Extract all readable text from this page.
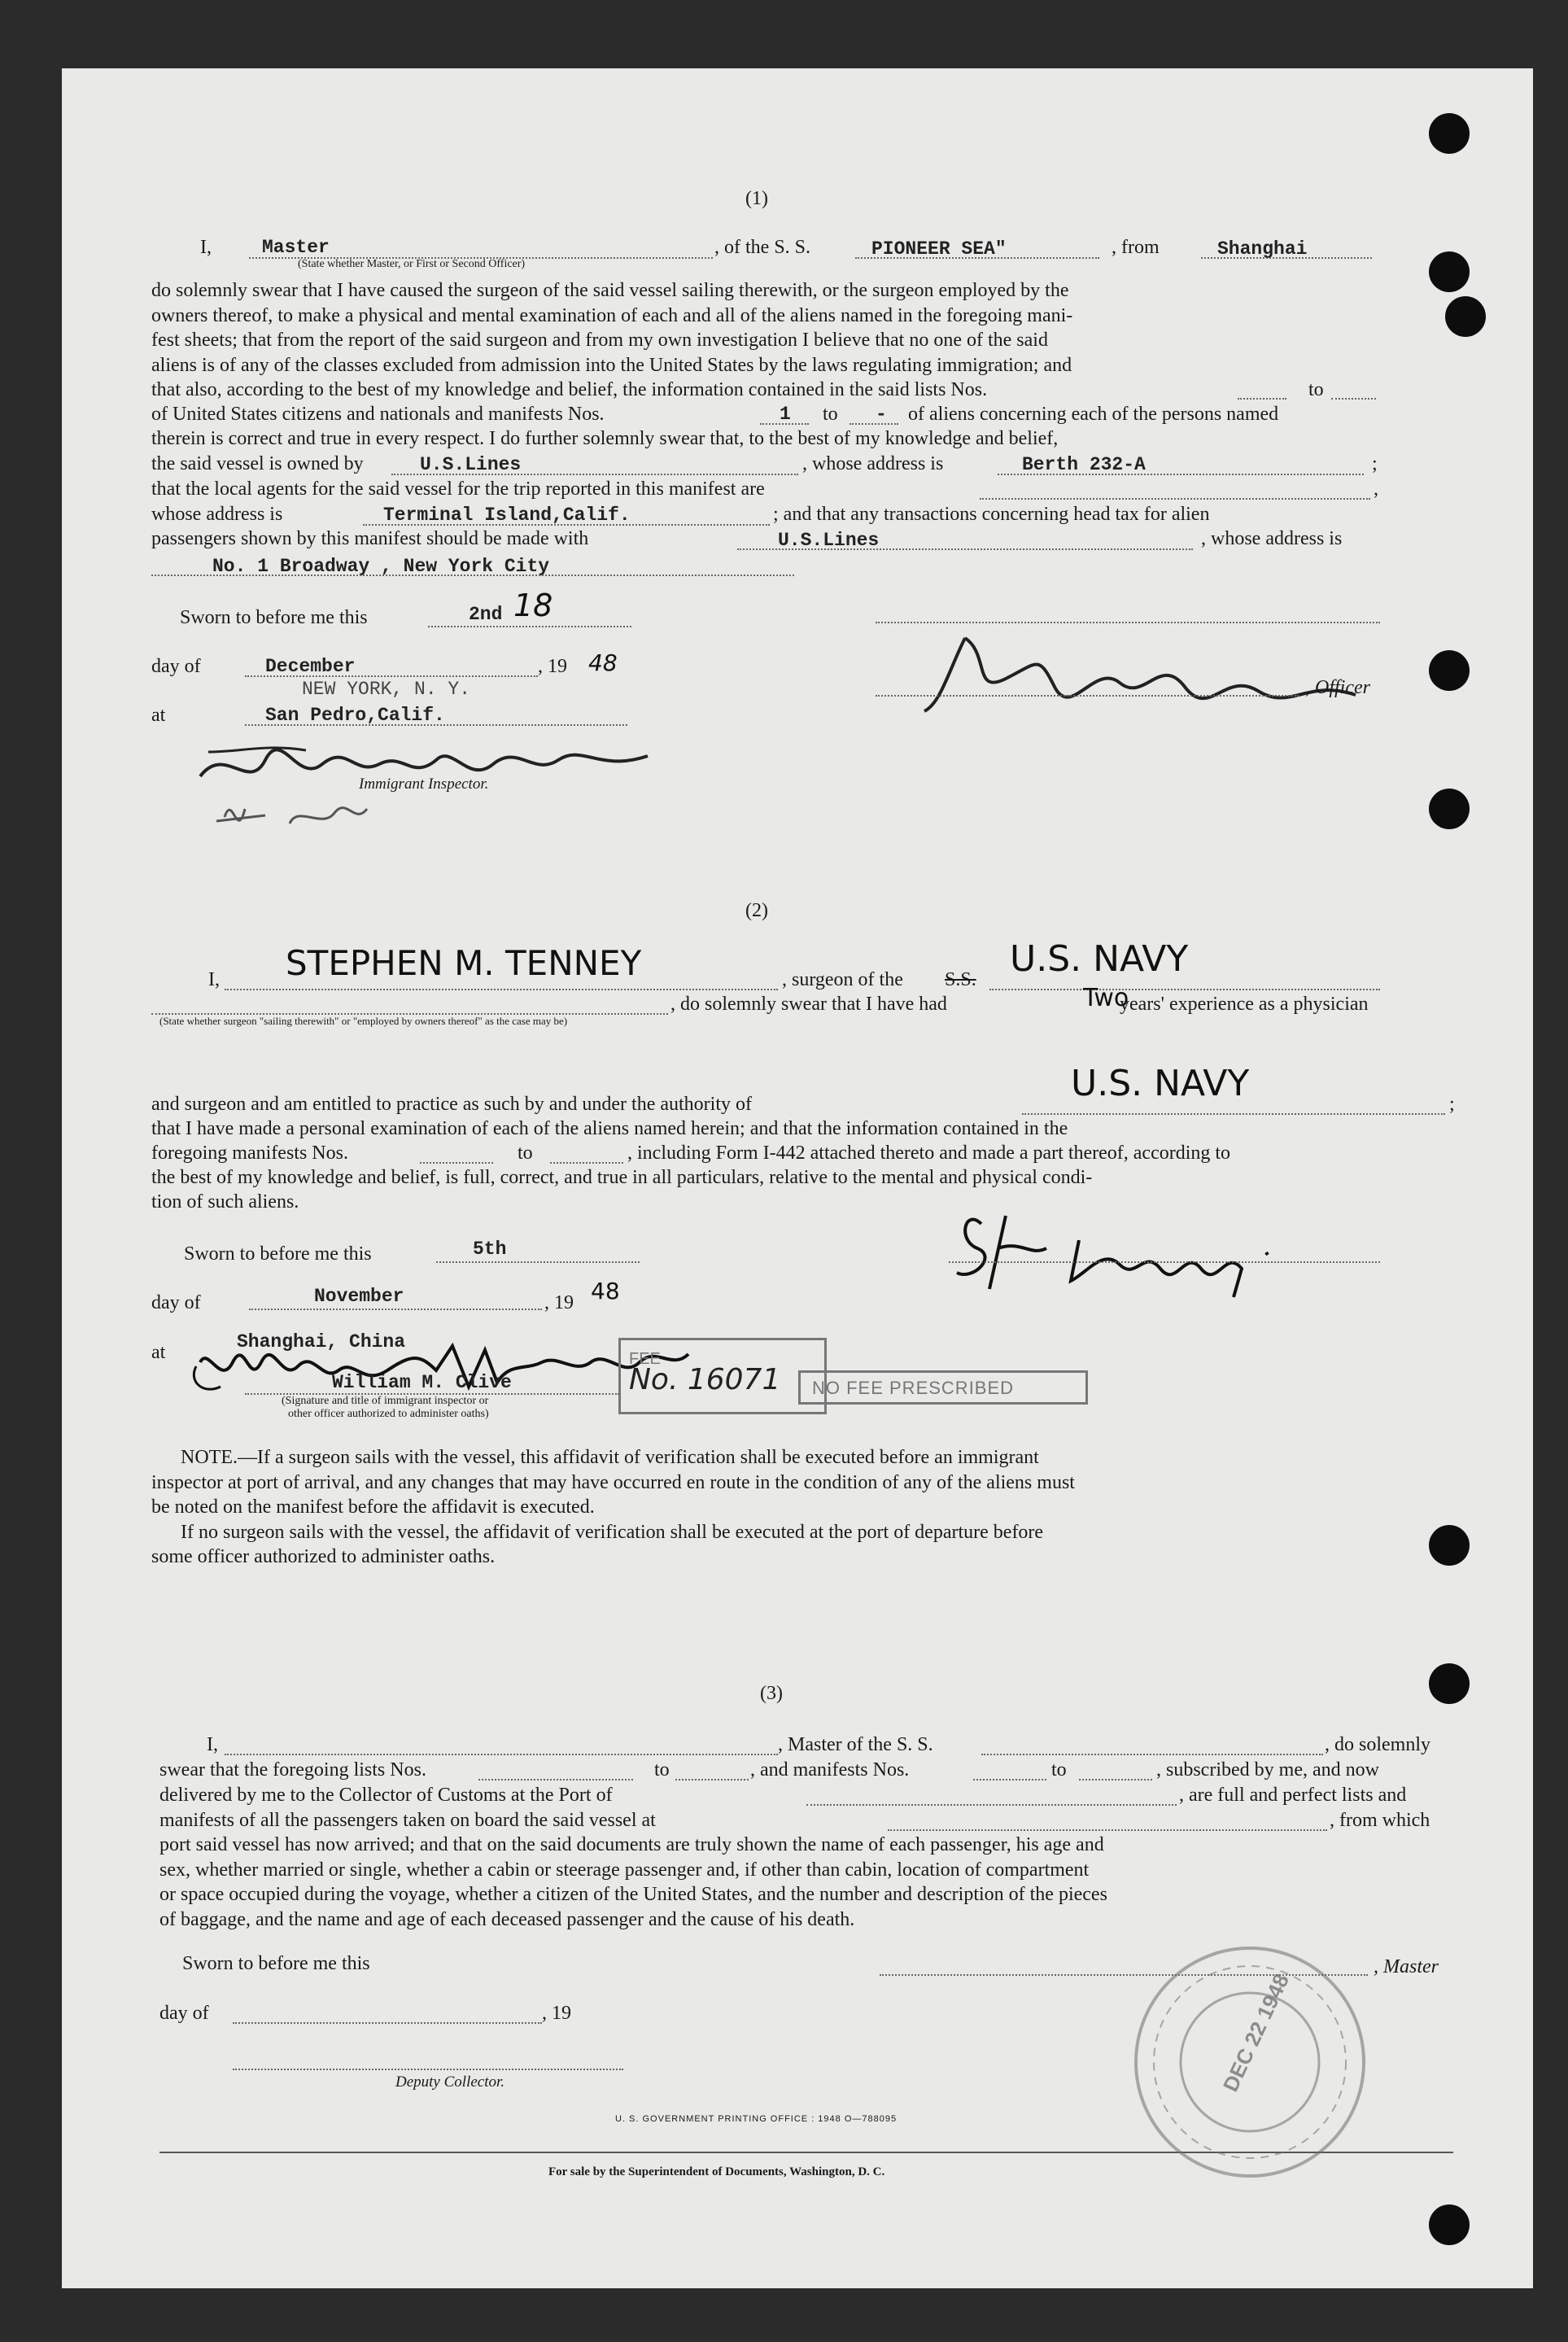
(1)
I,	Master
(State whether Master, or First or Second Officer)
, of the S. S.	PIONEER SEA"	, from	Shanghai

do solemnly swear that I have caused the surgeon of the said vessel sailing therewith, or the surgeon employed by the

owners thereof, to make a physical and mental examination of each and all of the aliens named in the foregoing mani-

fest sheets; that from the report of the said surgeon and from my own investigation I believe that no one of the said

aliens is of any of the classes excluded from admission into the United States by the laws regulating immigration; and

that also, according to the best of my knowledge and belief, the information contained in the said lists Nos.	to
of United States citizens and nationals and manifests Nos.	1 to - of aliens concerning each of the persons named
therein is correct and true in every respect. I do further solemnly swear that, to the best of my knowledge and belief,
the said vessel is owned by	U.S.Lines	, whose address is	Berth 232-A	;
that the local agents for the said vessel for the trip reported in this manifest are	,
whose address is	Terminal Island,Calif.	; and that any transactions concerning head tax for alien
passengers shown by this manifest should be made with	U.S.Lines	, whose address is
No. 1 Broadway , New York City
Sworn to before me this	2nd 18
day of	December	, 19 48
NEW YORK, N. Y.
at	San Pedro,Calif.
Immigrant Inspector.
, Officer
(2)
I, STEPHEN M. TENNEY	, surgeon of the S.S. U.S. NAVY
, do solemnly swear that I have had	Two
years' experience as a physician
(State whether surgeon "sailing therewith" or "employed by owners thereof" as the case may be)
and surgeon and am entitled to practice as such by and under the authority of	U.S. NAVY	;
that I have made a personal examination of each of the aliens named herein; and that the information contained in the
foregoing manifests Nos.	to	, including Form I-442 attached thereto and made a part thereof, according to
the best of my knowledge and belief, is full, correct, and true in all particulars, relative to the mental and physical condi-
tion of such aliens.
Sworn to before me this	5th
day of	November	, 19 48
at	Shanghai, China
William M. Clive
(Signature and title of immigrant inspector or
other officer authorized to administer oaths)
FEE
No. 16071 NO FEE PRESCRIBED

NOTE.—If a surgeon sails with the vessel, this affidavit of verification shall be executed before an immigrant

inspector at port of arrival, and any changes that may have occurred en route in the condition of any of the aliens must

be noted on the manifest before the affidavit is executed.

If no surgeon sails with the vessel, the affidavit of verification shall be executed at the port of departure before

some officer authorized to administer oaths.

(3)
I,	, Master of the S. S.	, do solemnly
swear that the foregoing lists Nos.	to	, and manifests Nos.	to	, subscribed by me, and now
delivered by me to the Collector of Customs at the Port of	, are full and perfect lists and
manifests of all the passengers taken on board the said vessel at	, from which

port said vessel has now arrived; and that on the said documents are truly shown the name of each passenger, his age and

sex, whether married or single, whether a cabin or steerage passenger and, if other than cabin, location of compartment

or space occupied during the voyage, whether a citizen of the United States, and the number and description of the pieces

of baggage, and the name and age of each deceased passenger and the cause of his death.

Sworn to before me this	, Master
day of	, 19
Deputy Collector.
U. S. GOVERNMENT PRINTING OFFICE : 1948 O—788095
For sale by the Superintendent of Documents, Washington, D. C.
DEC 22 1948
